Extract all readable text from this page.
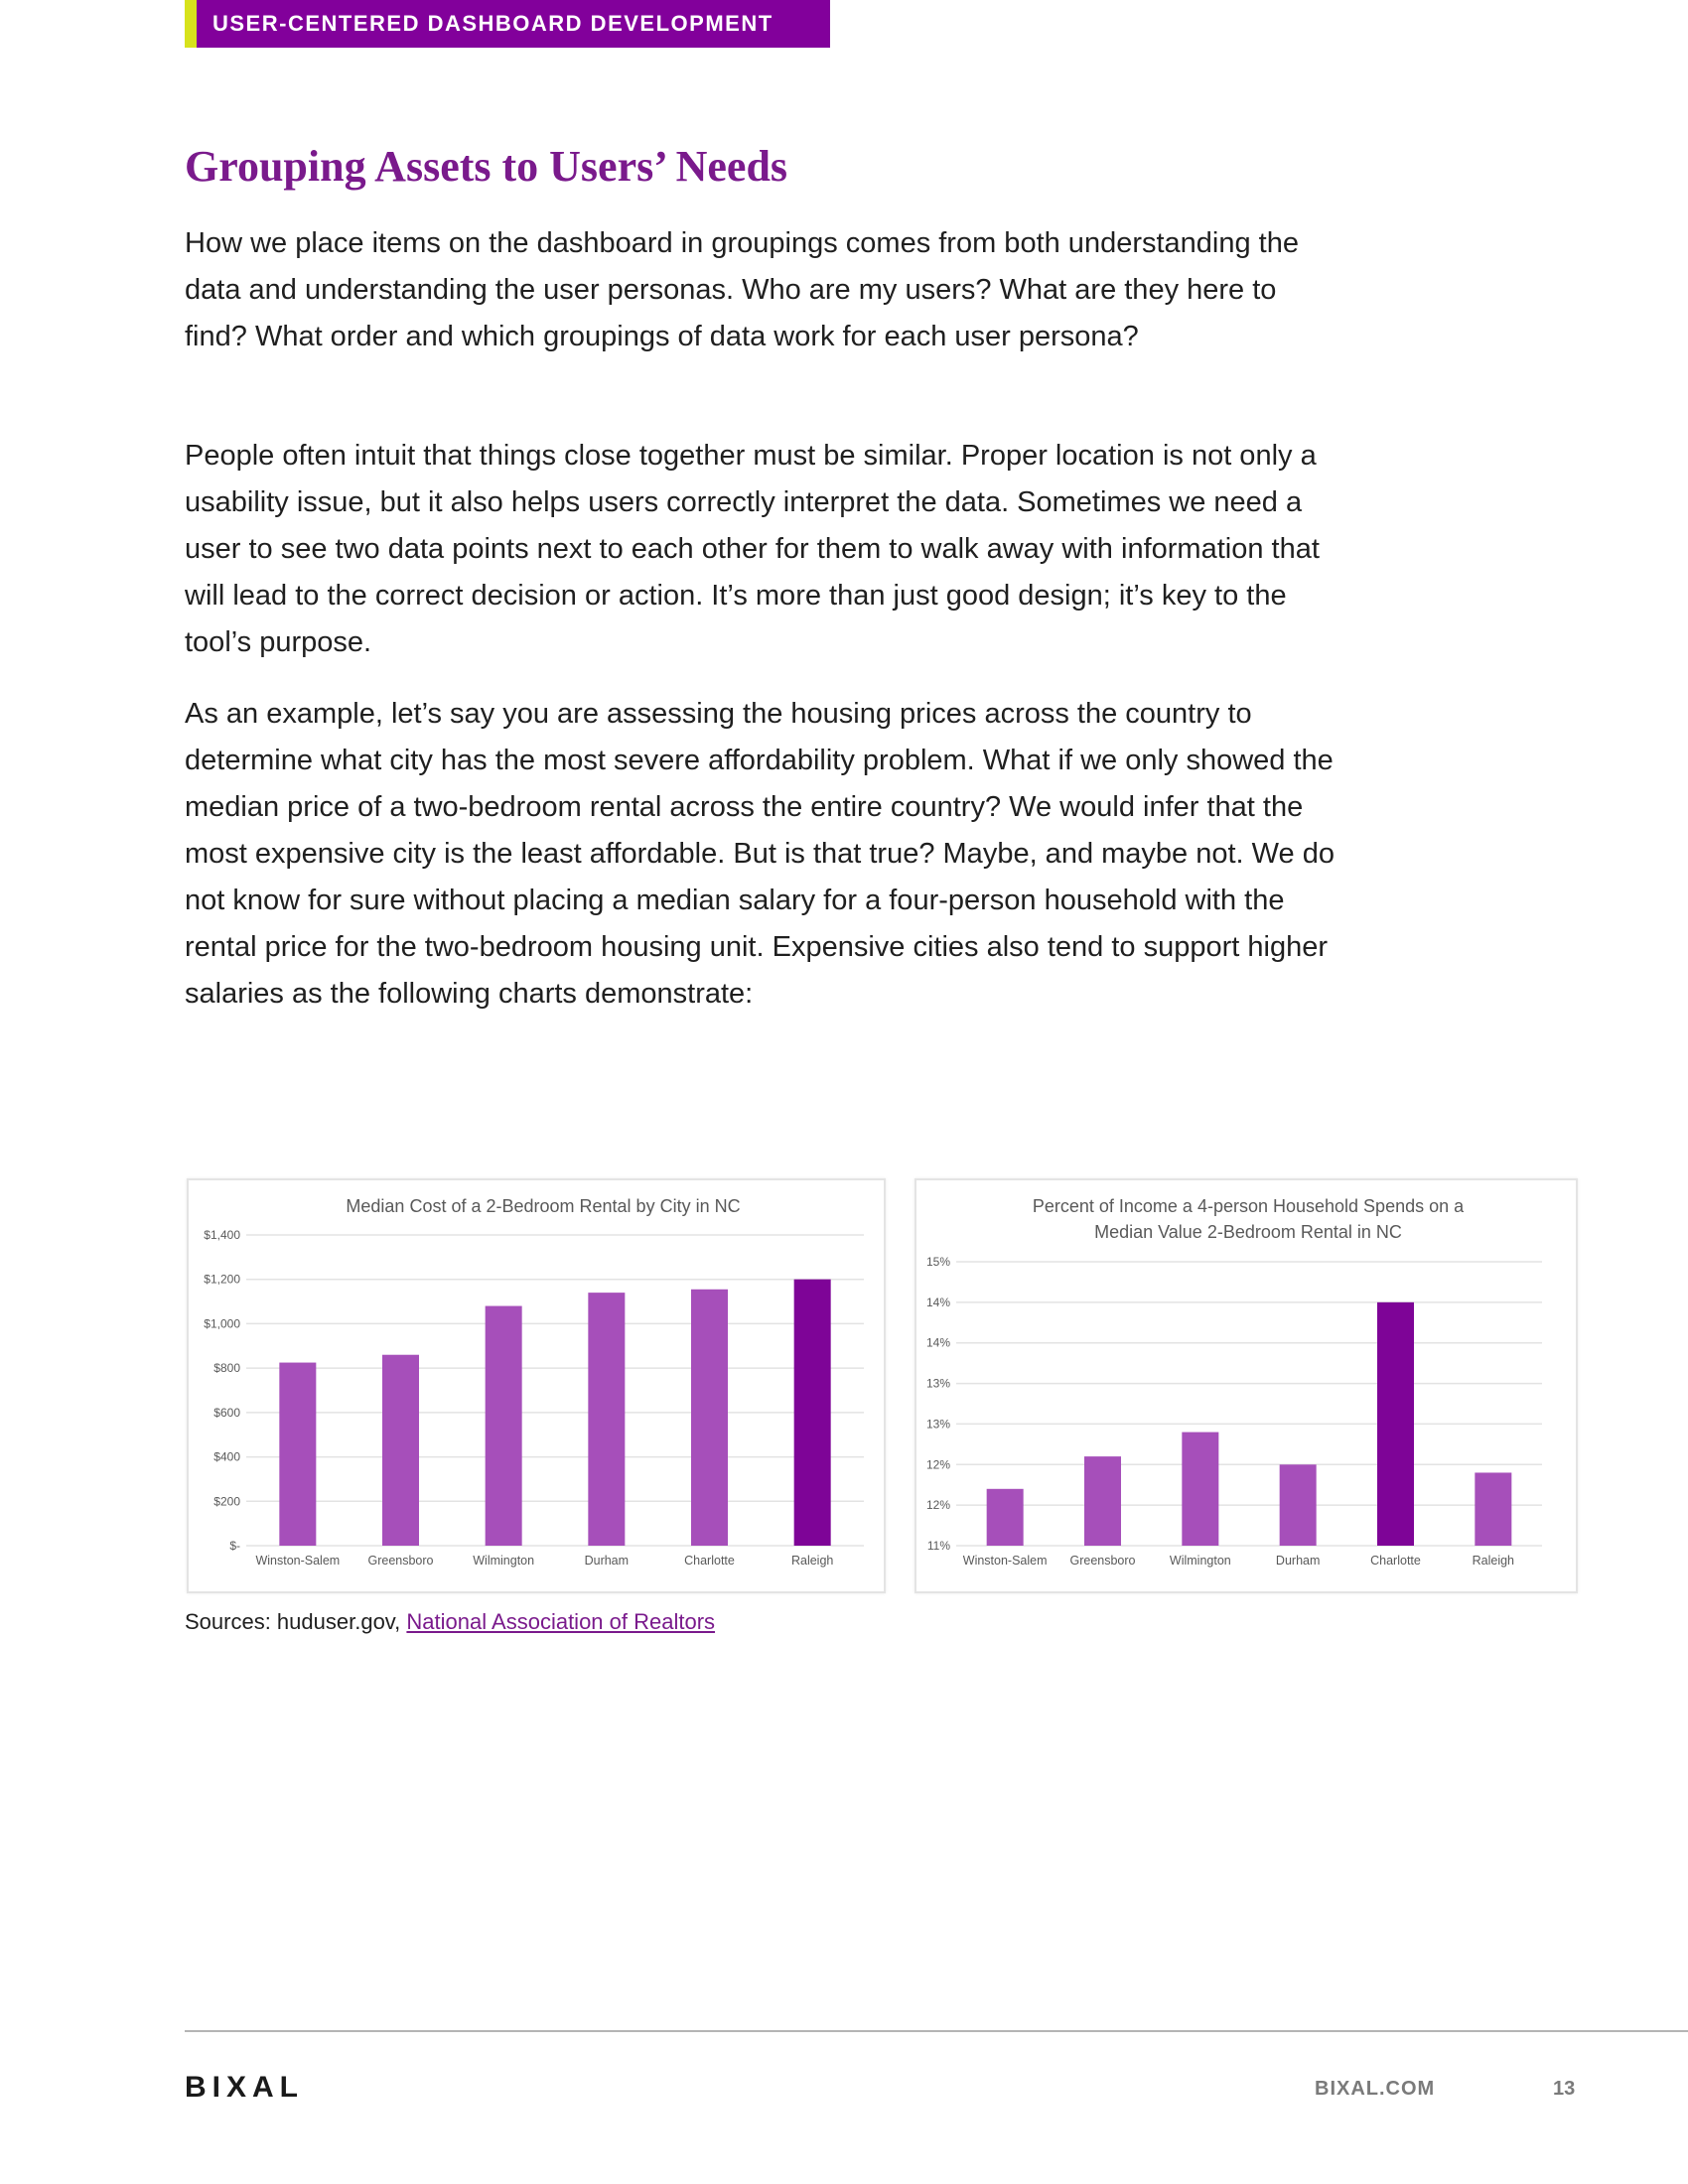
USER-CENTERED DASHBOARD DEVELOPMENT
Grouping Assets to Users’ Needs

How we place items on the dashboard in groupings comes from both understanding the data and understanding the user personas. Who are my users? What are they here to find? What order and which groupings of data work for each user persona?

People often intuit that things close together must be similar. Proper location is not only a usability issue, but it also helps users correctly interpret the data. Sometimes we need a user to see two data points next to each other for them to walk away with information that will lead to the correct decision or action. It’s more than just good design; it’s key to the tool’s purpose.

As an example, let’s say you are assessing the housing prices across the country to determine what city has the most severe affordability problem. What if we only showed the median price of a two-bedroom rental across the entire country? We would infer that the most expensive city is the least affordable. But is that true? Maybe, and maybe not. We do not know for sure without placing a median salary for a four-person household with the rental price for the two-bedroom housing unit. Expensive cities also tend to support higher salaries as the following charts demonstrate:

Median Cost of a 2-Bedroom Rental by City in NC
$-
$200
$400
$600
$800
$1,000
$1,200
$1,400
Winston-Salem Greensboro	Wilmington	Durham	Charlotte	Raleigh
Percent of Income a 4-person Household Spends on a
Median Value 2-Bedroom Rental in NC
11%
12%
12%
13%
13%
14%
14%
15%
Winston-Salem Greensboro	Wilmington	Durham	Charlotte	Raleigh
Sources: huduser.gov, National Association of Realtors
BIXAL	BIXAL.COM	13
